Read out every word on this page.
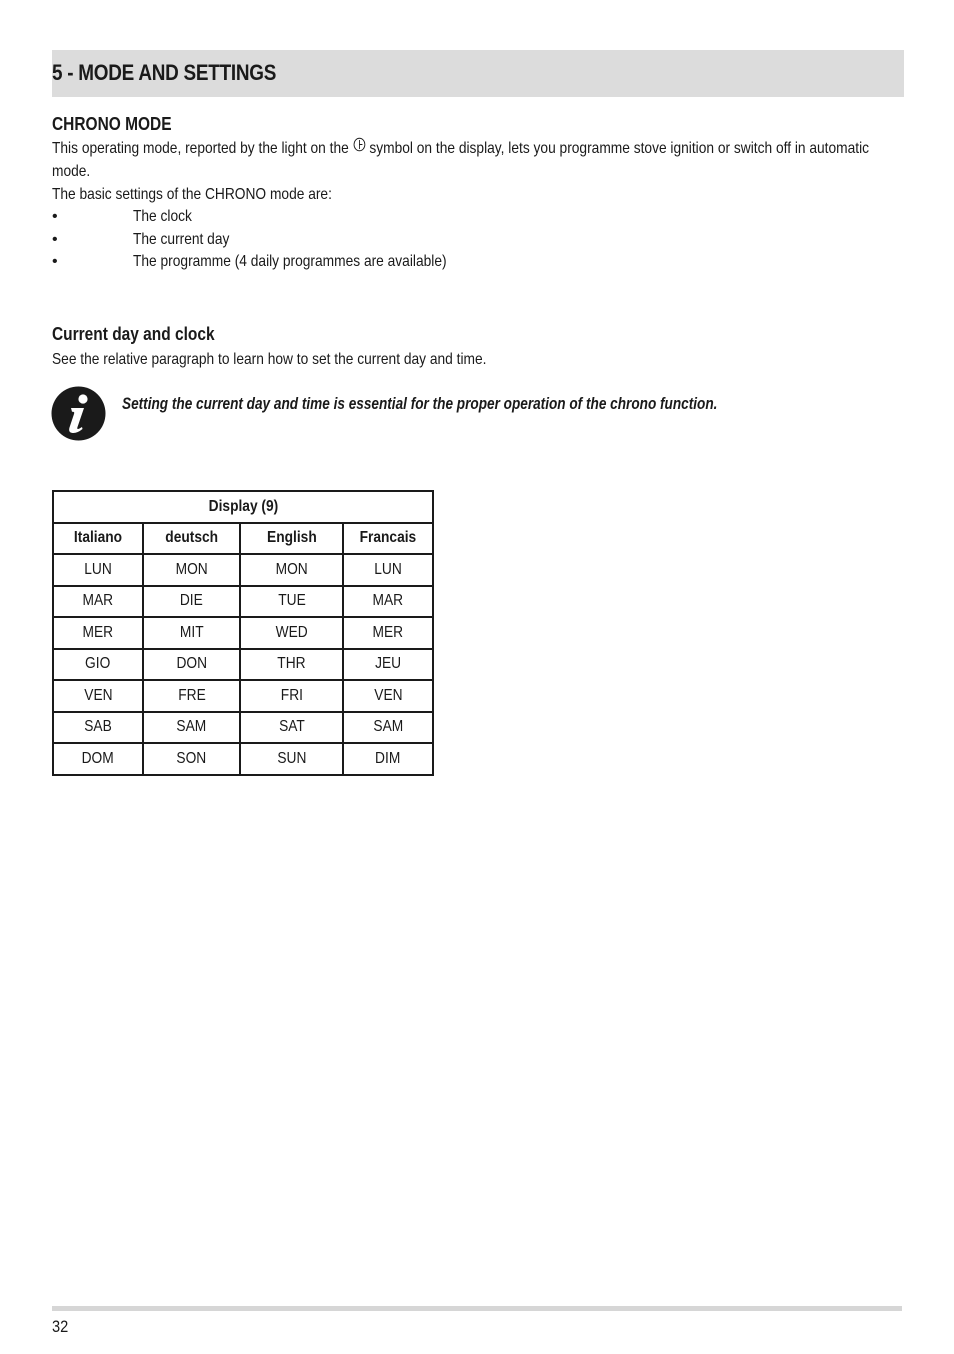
5 - MODE AND SETTINGS
CHRONO MODE

This operating mode, reported by the light on the symbol on the display, lets you programme stove ignition or switch off in automatic mode.

The basic settings of the CHRONO mode are:

•	The clock
•	The current day
•	The programme (4 daily programmes are available)
Current day and clock

See the relative paragraph to learn how to set the current day and time.

Setting the current day and time is essential for the proper operation of the chrono function.

Display (9)			
Italiano	deutsch	English	Francais
LUN	MON	MON	LUN
MAR	DIE	TUE	MAR
MER	MIT	WED	MER
GIO	DON	THR	JEU
VEN	FRE	FRI	VEN
SAB	SAM	SAT	SAM
DOM	SON	SUN	DIM

32
